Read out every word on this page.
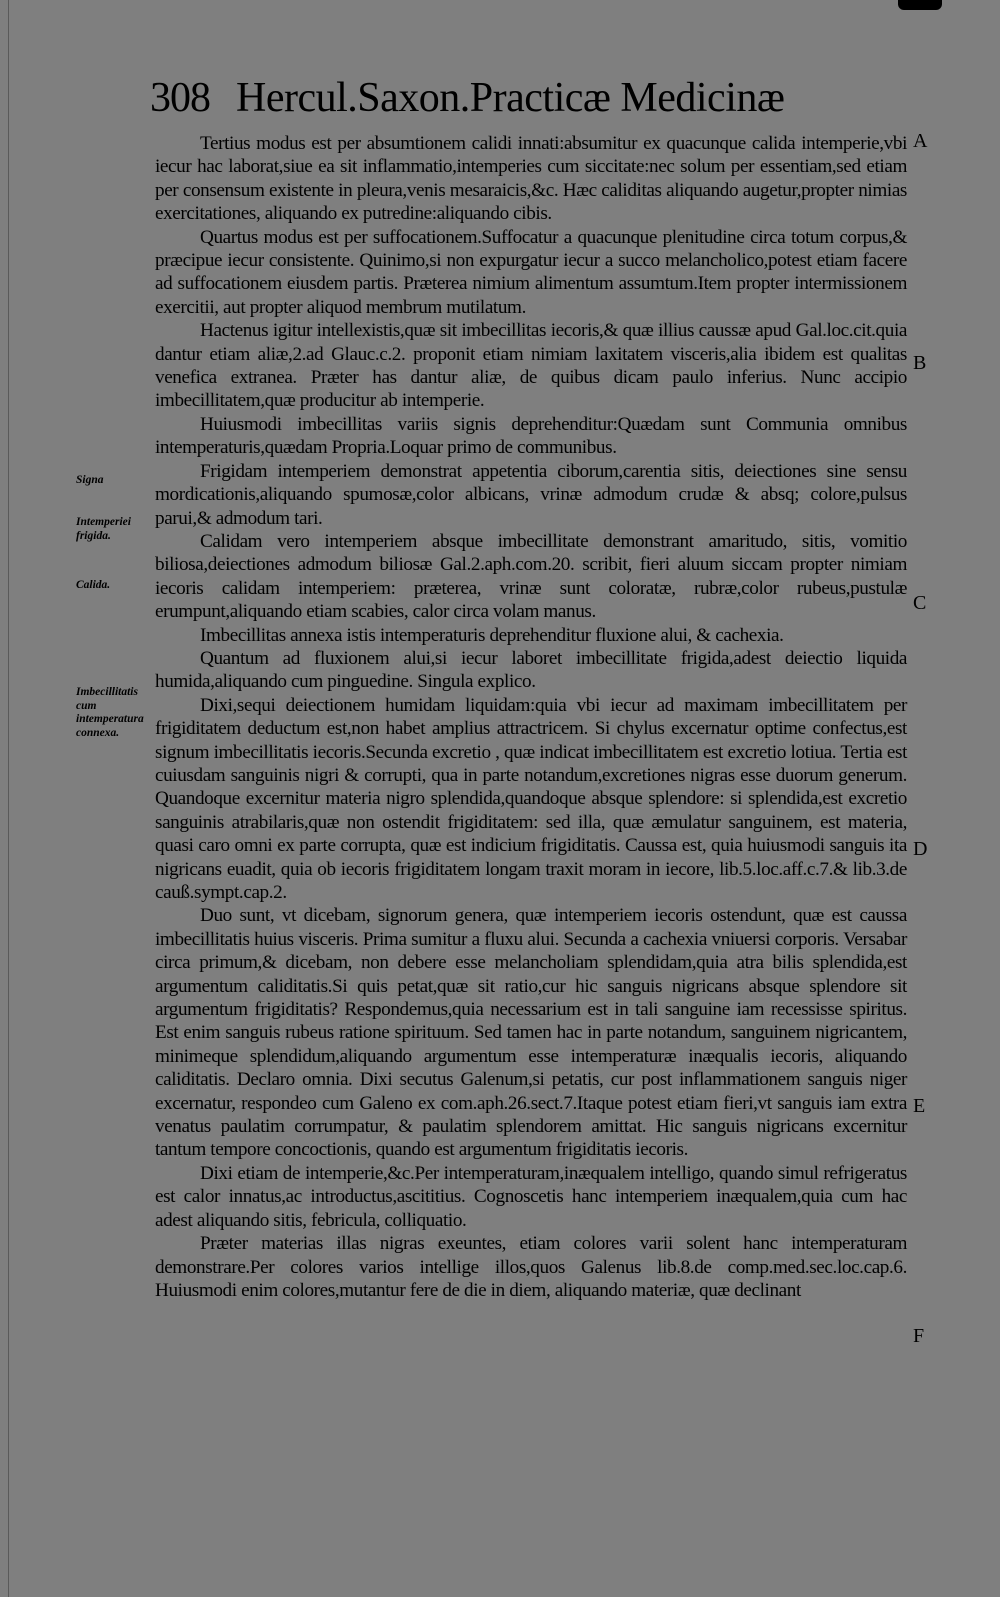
308 Hercul.Saxon.Practicæ Medicinæ
A
B
C
D
E
F
Signa
Intemperiei frigida.
Calida.
Imbecillitatis cum intemperatura connexa.

Tertius modus est per absumtionem calidi innati:absumitur ex quacunque calida intemperie,vbi iecur hac laborat,siue ea sit inflammatio,intemperies cum siccitate:nec solum per essentiam,sed etiam per consensum existente in pleura,venis mesaraicis,&c. Hæc caliditas aliquando augetur,propter nimias exercitationes, aliquando ex putredine:aliquando cibis.

Quartus modus est per suffocationem.Suffocatur a quacunque plenitudine circa totum corpus,& præcipue iecur consistente. Quinimo,si non expurgatur iecur a succo melancholico,potest etiam facere ad suffocationem eiusdem partis. Præterea nimium alimentum assumtum.Item propter intermissionem exercitii, aut propter aliquod membrum mutilatum.

Hactenus igitur intellexistis,quæ sit imbecillitas iecoris,& quæ illius caussæ apud Gal.loc.cit.quia dantur etiam aliæ,2.ad Glauc.c.2. proponit etiam nimiam laxitatem visceris,alia ibidem est qualitas venefica extranea. Præter has dantur aliæ, de quibus dicam paulo inferius. Nunc accipio imbecillitatem,quæ producitur ab intemperie.

Huiusmodi imbecillitas variis signis deprehenditur:Quædam sunt Communia omnibus intemperaturis,quædam Propria.Loquar primo de communibus.

Frigidam intemperiem demonstrat appetentia ciborum,carentia sitis, deiectiones sine sensu mordicationis,aliquando spumosæ,color albicans, vrinæ admodum crudæ & absq; colore,pulsus parui,& admodum tari.

Calidam vero intemperiem absque imbecillitate demonstrant amaritudo, sitis, vomitio biliosa,deiectiones admodum biliosæ Gal.2.aph.com.20. scribit, fieri aluum siccam propter nimiam iecoris calidam intemperiem: præterea, vrinæ sunt coloratæ, rubræ,color rubeus,pustulæ erumpunt,aliquando etiam scabies, calor circa volam manus.

Imbecillitas annexa istis intemperaturis deprehenditur fluxione alui, & cachexia.

Quantum ad fluxionem alui,si iecur laboret imbecillitate frigida,adest deiectio liquida humida,aliquando cum pinguedine. Singula explico.

Dixi,sequi deiectionem humidam liquidam:quia vbi iecur ad maximam imbecillitatem per frigiditatem deductum est,non habet amplius attractricem. Si chylus excernatur optime confectus,est signum imbecillitatis iecoris.Secunda excretio , quæ indicat imbecillitatem est excretio lotiua. Tertia est cuiusdam sanguinis nigri & corrupti, qua in parte notandum,excretiones nigras esse duorum generum. Quandoque excernitur materia nigro splendida,quandoque absque splendore: si splendida,est excretio sanguinis atrabilaris,quæ non ostendit frigiditatem: sed illa, quæ æmulatur sanguinem, est materia, quasi caro omni ex parte corrupta, quæ est indicium frigiditatis. Caussa est, quia huiusmodi sanguis ita nigricans euadit, quia ob iecoris frigiditatem longam traxit moram in iecore, lib.5.loc.aff.c.7.& lib.3.de cauß.sympt.cap.2.

Duo sunt, vt dicebam, signorum genera, quæ intemperiem iecoris ostendunt, quæ est caussa imbecillitatis huius visceris. Prima sumitur a fluxu alui. Secunda a cachexia vniuersi corporis. Versabar circa primum,& dicebam, non debere esse melancholiam splendidam,quia atra bilis splendida,est argumentum caliditatis.Si quis petat,quæ sit ratio,cur hic sanguis nigricans absque splendore sit argumentum frigiditatis? Respondemus,quia necessarium est in tali sanguine iam recessisse spiritus. Est enim sanguis rubeus ratione spirituum. Sed tamen hac in parte notandum, sanguinem nigricantem, minimeque splendidum,aliquando argumentum esse intemperaturæ inæqualis iecoris, aliquando caliditatis. Declaro omnia. Dixi secutus Galenum,si petatis, cur post inflammationem sanguis niger excernatur, respondeo cum Galeno ex com.aph.26.sect.7.Itaque potest etiam fieri,vt sanguis iam extra venatus paulatim corrumpatur, & paulatim splendorem amittat. Hic sanguis nigricans excernitur tantum tempore concoctionis, quando est argumentum frigiditatis iecoris.

Dixi etiam de intemperie,&c.Per intemperaturam,inæqualem intelligo, quando simul refrigeratus est calor innatus,ac introductus,ascititius. Cognoscetis hanc intemperiem inæqualem,quia cum hac adest aliquando sitis, febricula, colliquatio.

Præter materias illas nigras exeuntes, etiam colores varii solent hanc intemperaturam demonstrare.Per colores varios intellige illos,quos Galenus lib.8.de comp.med.sec.loc.cap.6. Huiusmodi enim colores,mutantur fere de die in diem, aliquando materiæ, quæ declinant
